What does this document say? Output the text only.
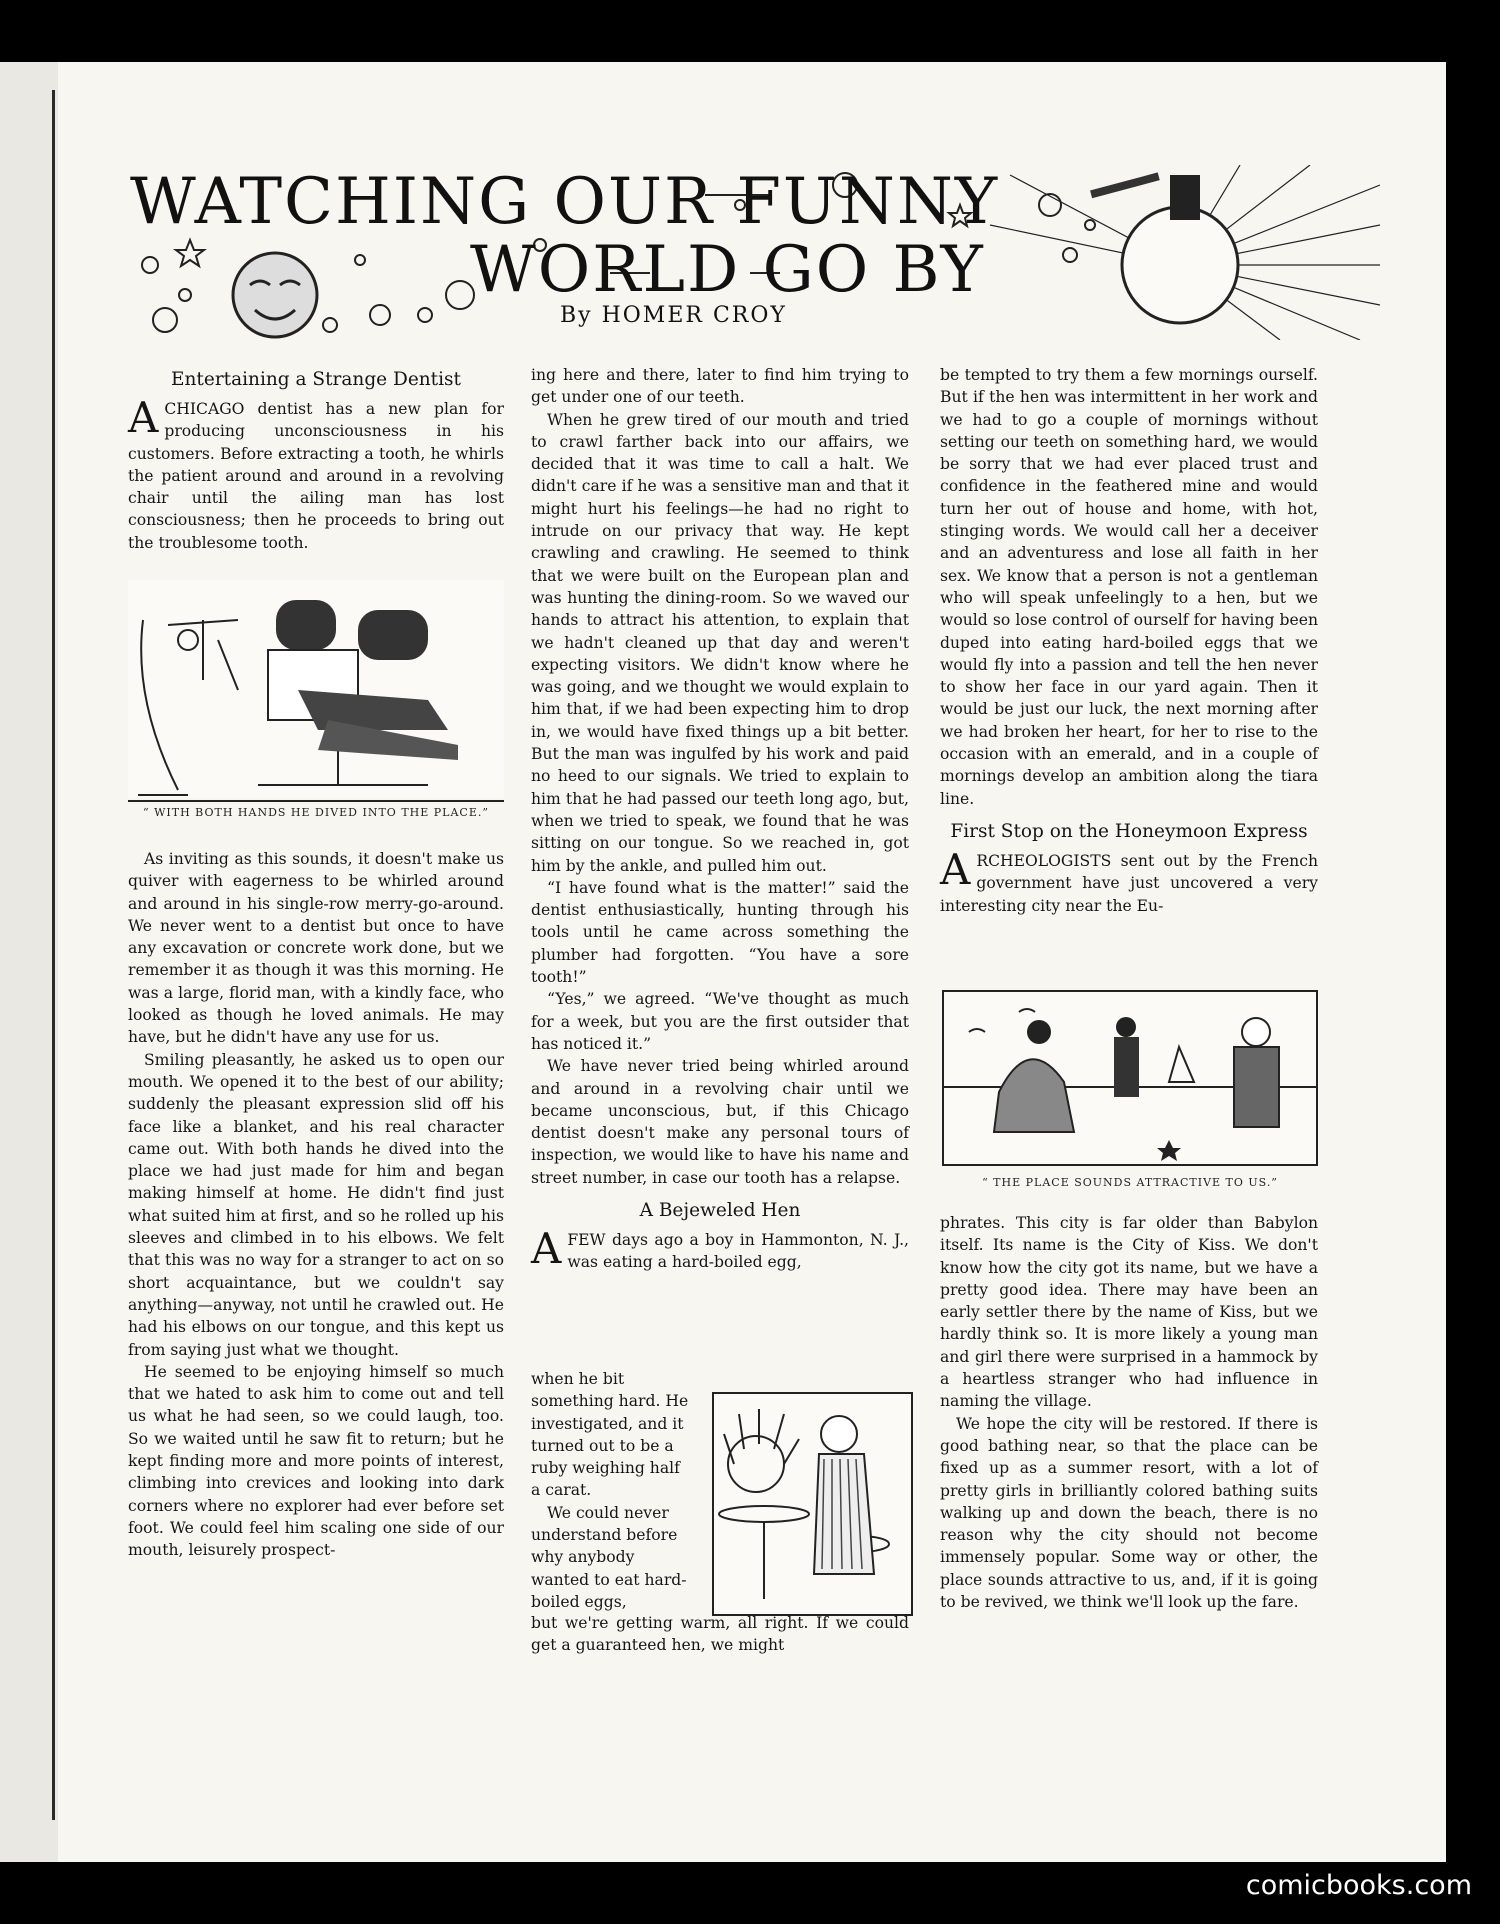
WATCHING OUR FUNNY
WORLD GO BY
By HOMER CROY
Entertaining a Strange Dentist

ACHICAGO dentist has a new plan for producing unconsciousness in his customers. Before extracting a tooth, he whirls the patient around and around in a revolving chair until the ailing man has lost consciousness; then he proceeds to bring out the troublesome tooth.

“ WITH BOTH HANDS HE DIVED INTO THE PLACE.”

As inviting as this sounds, it doesn't make us quiver with eagerness to be whirled around and around in his single-row merry-go-around. We never went to a dentist but once to have any excavation or concrete work done, but we remember it as though it was this morning. He was a large, florid man, with a kindly face, who looked as though he loved animals. He may have, but he didn't have any use for us.

Smiling pleasantly, he asked us to open our mouth. We opened it to the best of our ability; suddenly the pleasant expression slid off his face like a blanket, and his real character came out. With both hands he dived into the place we had just made for him and began making himself at home. He didn't find just what suited him at first, and so he rolled up his sleeves and climbed in to his elbows. We felt that this was no way for a stranger to act on so short acquaintance, but we couldn't say anything—anyway, not until he crawled out. He had his elbows on our tongue, and this kept us from saying just what we thought.

He seemed to be enjoying himself so much that we hated to ask him to come out and tell us what he had seen, so we could laugh, too. So we waited until he saw fit to return; but he kept finding more and more points of interest, climbing into crevices and looking into dark corners where no explorer had ever before set foot. We could feel him scaling one side of our mouth, leisurely prospect-

ing here and there, later to find him trying to get under one of our teeth.

When he grew tired of our mouth and tried to crawl farther back into our affairs, we decided that it was time to call a halt. We didn't care if he was a sensitive man and that it might hurt his feelings—he had no right to intrude on our privacy that way. He kept crawling and crawling. He seemed to think that we were built on the European plan and was hunting the dining-room. So we waved our hands to attract his attention, to explain that we hadn't cleaned up that day and weren't expecting visitors. We didn't know where he was going, and we thought we would explain to him that, if we had been expecting him to drop in, we would have fixed things up a bit better. But the man was ingulfed by his work and paid no heed to our signals. We tried to explain to him that he had passed our teeth long ago, but, when we tried to speak, we found that he was sitting on our tongue. So we reached in, got him by the ankle, and pulled him out.

“I have found what is the matter!” said the dentist enthusiastically, hunting through his tools until he came across something the plumber had forgotten. “You have a sore tooth!”

“Yes,” we agreed. “We've thought as much for a week, but you are the first outsider that has noticed it.”

We have never tried being whirled around and around in a revolving chair until we became unconscious, but, if this Chicago dentist doesn't make any personal tours of inspection, we would like to have his name and street number, in case our tooth has a relapse.

A Bejeweled Hen

AFEW days ago a boy in Hammonton, N. J., was eating a hard-boiled egg,

when he bit something hard. He investigated, and it turned out to be a ruby weighing half a carat.

We could never understand before why anybody wanted to eat hard-boiled eggs,

but we're getting warm, all right. If we could get a guaranteed hen, we might

be tempted to try them a few mornings ourself. But if the hen was intermittent in her work and we had to go a couple of mornings without setting our teeth on something hard, we would be sorry that we had ever placed trust and confidence in the feathered mine and would turn her out of house and home, with hot, stinging words. We would call her a deceiver and an adventuress and lose all faith in her sex. We know that a person is not a gentleman who will speak unfeelingly to a hen, but we would so lose control of ourself for having been duped into eating hard-boiled eggs that we would fly into a passion and tell the hen never to show her face in our yard again. Then it would be just our luck, the next morning after we had broken her heart, for her to rise to the occasion with an emerald, and in a couple of mornings develop an ambition along the tiara line.

First Stop on the Honeymoon Express

ARCHEOLOGISTS sent out by the French government have just uncovered a very interesting city near the Eu-

“ THE PLACE SOUNDS ATTRACTIVE TO US.”

phrates. This city is far older than Babylon itself. Its name is the City of Kiss. We don't know how the city got its name, but we have a pretty good idea. There may have been an early settler there by the name of Kiss, but we hardly think so. It is more likely a young man and girl there were surprised in a hammock by a heartless stranger who had influence in naming the village.

We hope the city will be restored. If there is good bathing near, so that the place can be fixed up as a summer resort, with a lot of pretty girls in brilliantly colored bathing suits walking up and down the beach, there is no reason why the city should not become immensely popular. Some way or other, the place sounds attractive to us, and, if it is going to be revived, we think we'll look up the fare.

comicbooks.com
